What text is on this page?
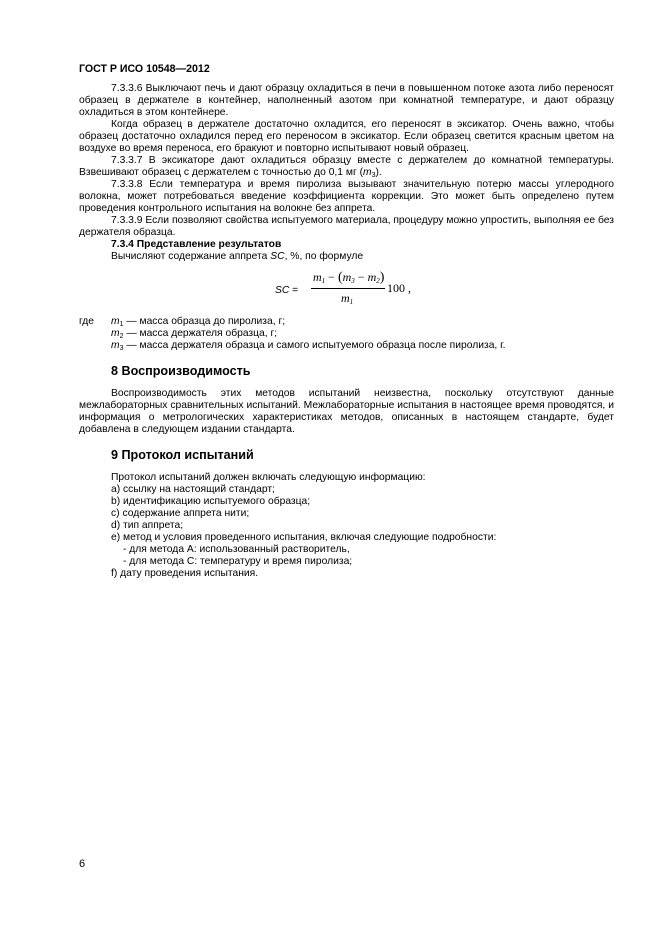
ГОСТ Р ИСО 10548—2012

7.3.3.6 Выключают печь и дают образцу охладиться в печи в повышенном потоке азота либо переносят образец в держателе в контейнер, наполненный азотом при комнатной температуре, и дают образцу охладиться в этом контейнере.

Когда образец в держателе достаточно охладится, его переносят в эксикатор. Очень важно, чтобы образец достаточно охладился перед его переносом в эксикатор. Если образец светится красным цветом на воздухе во время переноса, его бракуют и повторно испытывают новый образец.

7.3.3.7 В эксикаторе дают охладиться образцу вместе с держателем до комнатной температуры. Взвешивают образец с держателем с точностью до 0,1 мг $(m_3)$.

7.3.3.8 Если температура и время пиролиза вызывают значительную потерю массы углеродного волокна, может потребоваться введение коэффициента коррекции. Это может быть определено путем проведения контрольного испытания на волокне без аппрета.

7.3.3.9 Если позволяют свойства испытуемого материала, процедуру можно упростить, выполняя ее без держателя образца.

7.3.4 Представление результатов

Вычисляют содержание аппрета SC, %, по формуле

SC =
$m_1 - (m_3 - m_2)$
$m_1$
100 ,
где $m_1$ — масса образца до пиролиза, г;
$m_2$ — масса держателя образца, г;
$m_3$ — масса держателя образца и самого испытуемого образца после пиролиза, г.
8 Воспроизводимость

Воспроизводимость этих методов испытаний неизвестна, поскольку отсутствуют данные межлабораторных сравнительных испытаний. Межлабораторные испытания в настоящее время проводятся, и информация о метрологических характеристиках методов, описанных в настоящем стандарте, будет добавлена в следующем издании стандарта.

9 Протокол испытаний

Протокол испытаний должен включать следующую информацию:

а) ссылку на настоящий стандарт;

b) идентификацию испытуемого образца;

с) содержание аппрета нити;

d) тип аппрета;

е) метод и условия проведенного испытания, включая следующие подробности:

- для метода А: использованный растворитель,

- для метода С: температуру и время пиролиза;

f) дату проведения испытания.

6
